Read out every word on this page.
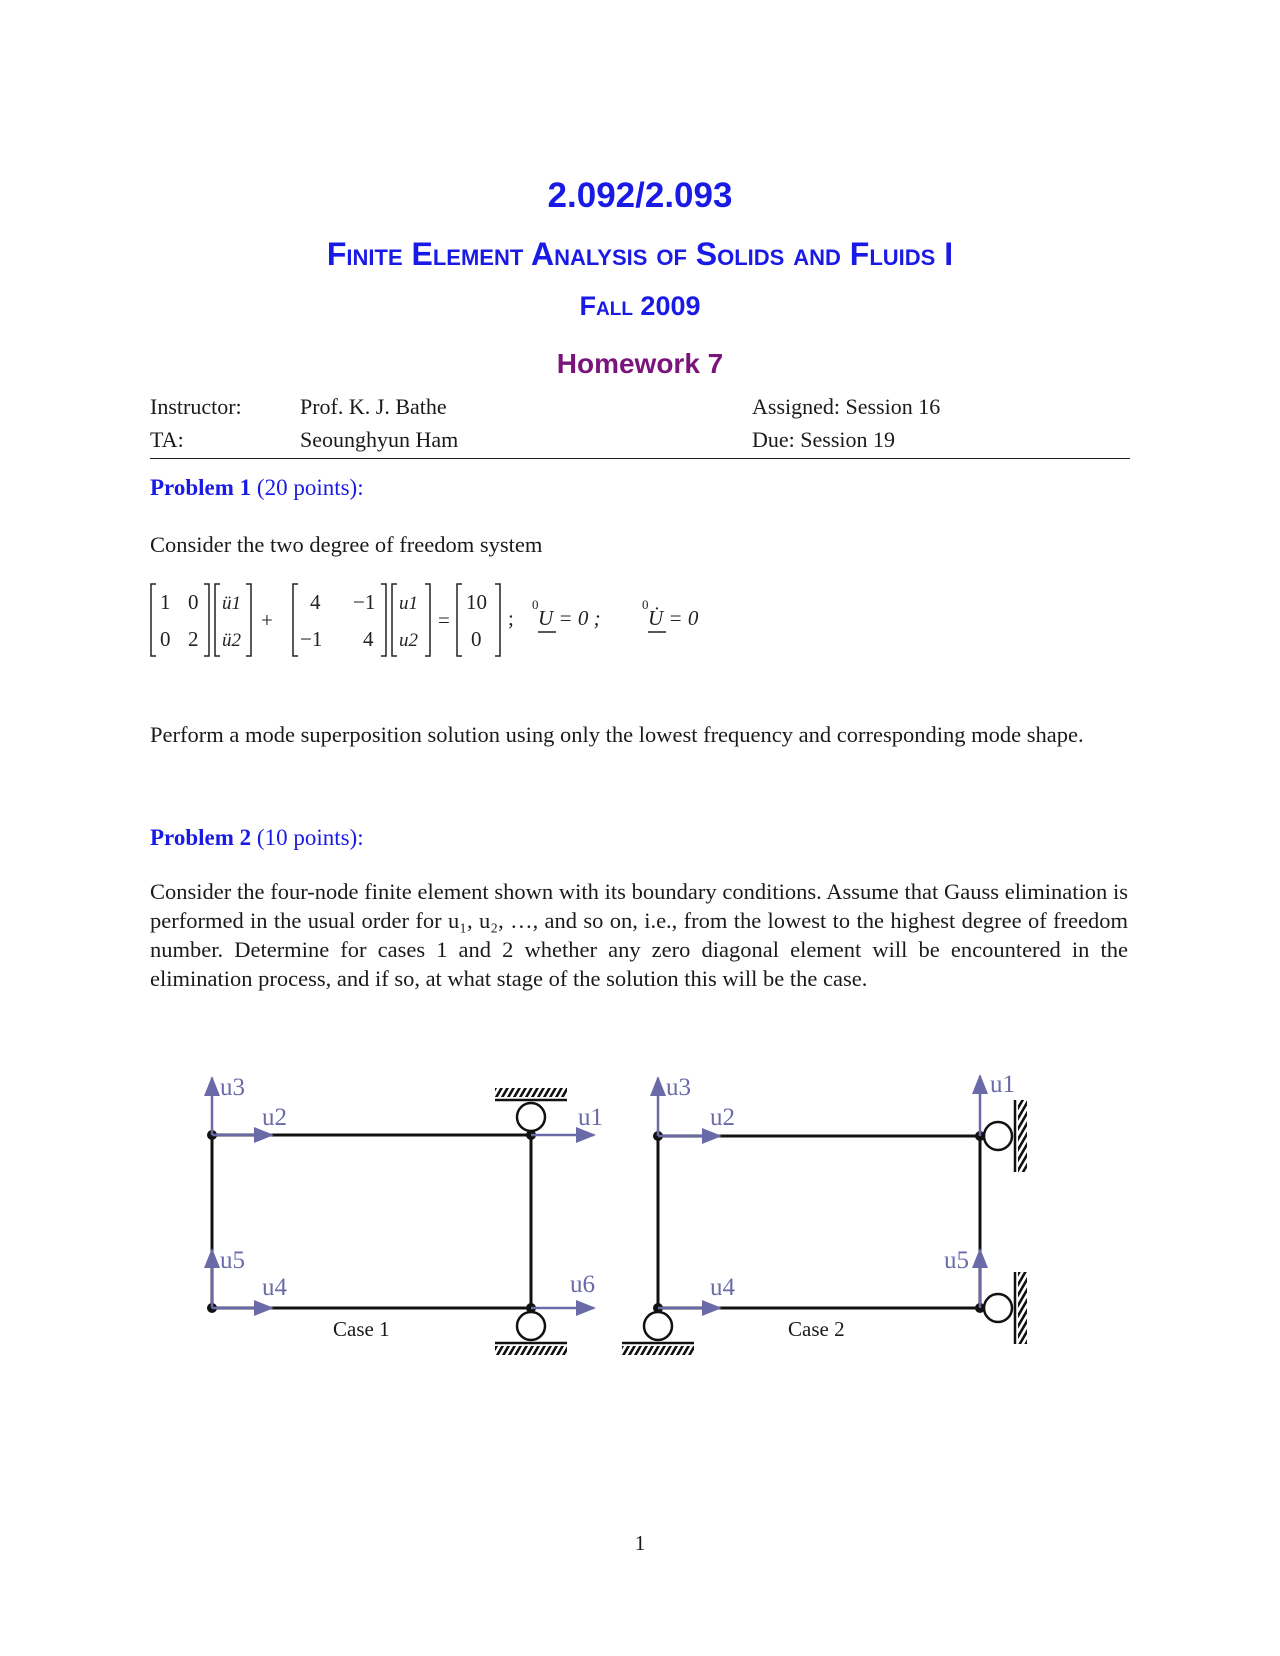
2.092/2.093
Finite Element Analysis of Solids and Fluids I
Fall 2009
Homework 7
Instructor:	Prof. K. J. Bathe	Assigned: Session 16
TA:	Seounghyun Ham	Due: Session 19
Problem 1 (20 points):
Consider the two degree of freedom system
1 0
0 2
ü1
ü2
+
4 −1
−1 4
u1
u2
=
10
0
;
0
U = 0 ;
0
U̇ = 0
Perform a mode superposition solution using only the lowest frequency and corresponding mode shape.
Problem 2 (10 points):
Consider the four-node finite element shown with its boundary conditions. Assume that Gauss elimination is performed in the usual order for u₁, u₂, …, and so on, i.e., from the lowest to the highest degree of freedom number. Determine for cases 1 and 2 whether any zero diagonal element will be encountered in the elimination process, and if so, at what stage of the solution this will be the case.
u3
u2
u5
u4
u1
u6
Case 1
u3
u2
u4
u1
u5
Case 2
1
